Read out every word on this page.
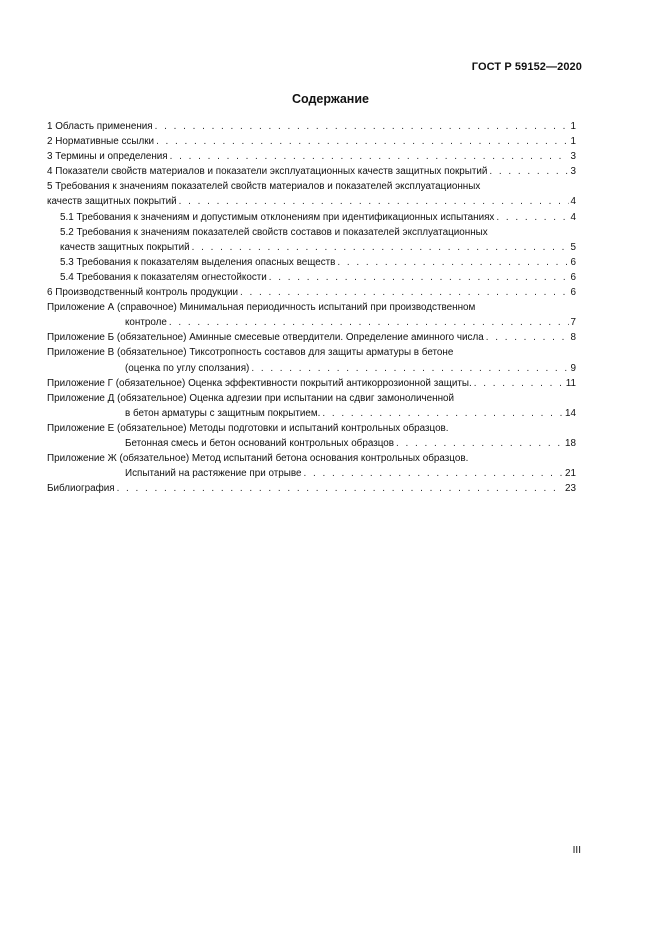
ГОСТ Р 59152—2020
Содержание
1 Область применения . . .	1
2 Нормативные ссылки . . .	1
3 Термины и определения . . .	3
4 Показатели свойств материалов и показатели эксплуатационных качеств защитных покрытий . . .	3
5 Требования к значениям показателей свойств материалов и показателей эксплуатационных
качеств защитных покрытий . . .	4
5.1 Требования к значениям и допустимым отклонениям при идентификационных испытаниях . . .	4
5.2 Требования к значениям показателей свойств составов и показателей эксплуатационных
качеств защитных покрытий . . .	5
5.3 Требования к показателям выделения опасных веществ . . .	6
5.4 Требования к показателям огнестойкости . . .	6
6 Производственный контроль продукции . . .	6
Приложение А (справочное) Минимальная периодичность испытаний при производственном
контроле . . .	7
Приложение Б (обязательное) Аминные смесевые отвердители. Определение аминного числа . . .	8
Приложение В (обязательное) Тиксотропность составов для защиты арматуры в бетоне
(оценка по углу сползания) . . .	9
Приложение Г (обязательное) Оценка эффективности покрытий антикоррозионной защиты. . . .	11
Приложение Д (обязательное) Оценка адгезии при испытании на сдвиг замоноличенной
в бетон арматуры с защитным покрытием. . . .	14
Приложение Е (обязательное) Методы подготовки и испытаний контрольных образцов.
Бетонная смесь и бетон оснований контрольных образцов . . .	18
Приложение Ж (обязательное) Метод испытаний бетона основания контрольных образцов.
Испытаний на растяжение при отрыве . . .	21
Библиография . . .	23
III
